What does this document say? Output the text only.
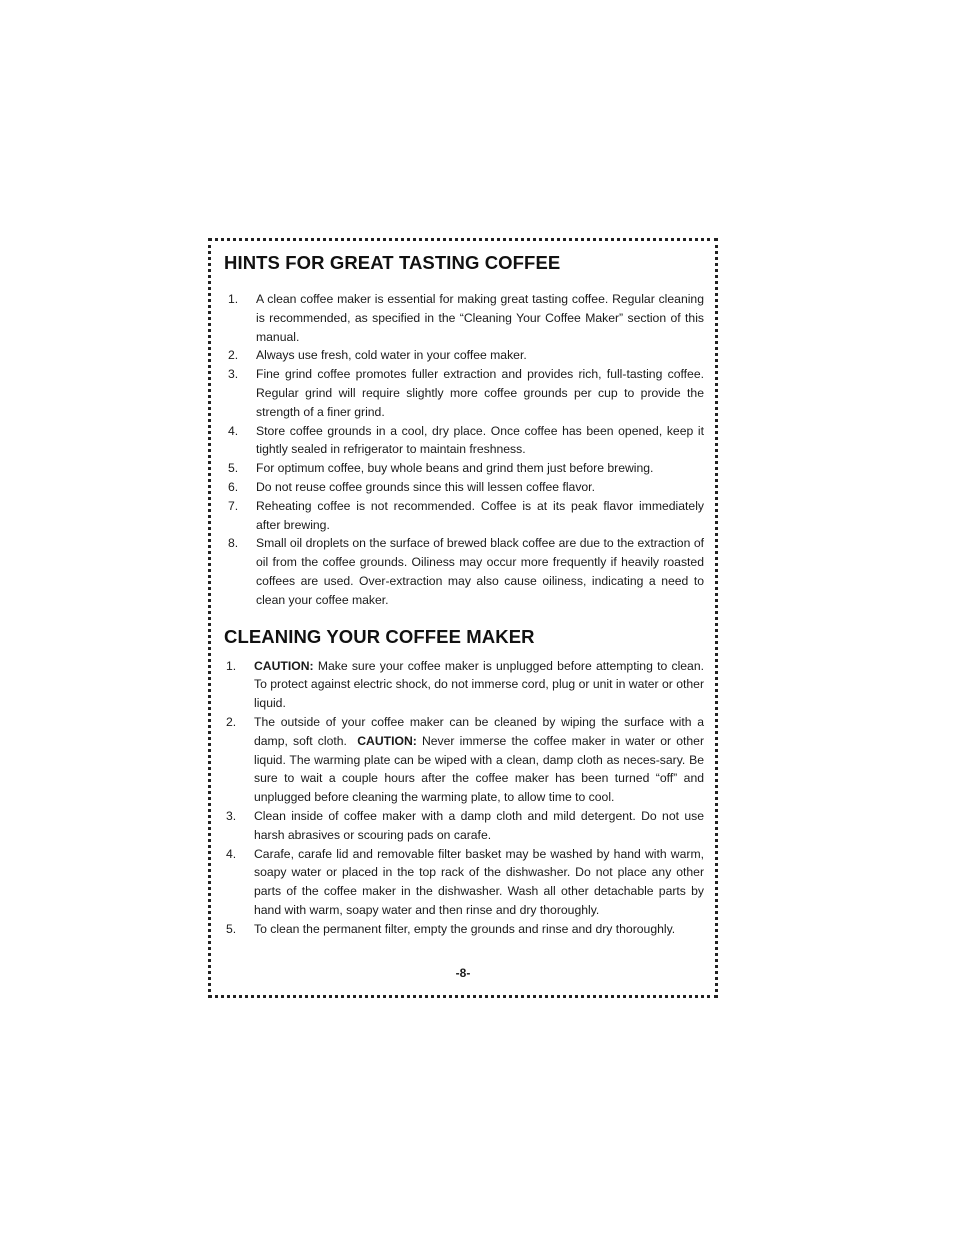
HINTS FOR GREAT TASTING COFFEE
1. A clean coffee maker is essential for making great tasting coffee. Regular cleaning is recommended, as specified in the “Cleaning Your Coffee Maker” section of this manual.
2. Always use fresh, cold water in your coffee maker.
3. Fine grind coffee promotes fuller extraction and provides rich, full-tasting coffee. Regular grind will require slightly more coffee grounds per cup to provide the strength of a finer grind.
4. Store coffee grounds in a cool, dry place. Once coffee has been opened, keep it tightly sealed in refrigerator to maintain freshness.
5. For optimum coffee, buy whole beans and grind them just before brewing.
6. Do not reuse coffee grounds since this will lessen coffee flavor.
7. Reheating coffee is not recommended. Coffee is at its peak flavor immediately after brewing.
8. Small oil droplets on the surface of brewed black coffee are due to the extraction of oil from the coffee grounds. Oiliness may occur more frequently if heavily roasted coffees are used. Over-extraction may also cause oiliness, indicating a need to clean your coffee maker.
CLEANING YOUR COFFEE MAKER
1. CAUTION: Make sure your coffee maker is unplugged before attempting to clean. To protect against electric shock, do not immerse cord, plug or unit in water or other liquid.
2. The outside of your coffee maker can be cleaned by wiping the surface with a damp, soft cloth. CAUTION: Never immerse the coffee maker in water or other liquid. The warming plate can be wiped with a clean, damp cloth as neces-sary. Be sure to wait a couple hours after the coffee maker has been turned “off” and unplugged before cleaning the warming plate, to allow time to cool.
3. Clean inside of coffee maker with a damp cloth and mild detergent. Do not use harsh abrasives or scouring pads on carafe.
4. Carafe, carafe lid and removable filter basket may be washed by hand with warm, soapy water or placed in the top rack of the dishwasher. Do not place any other parts of the coffee maker in the dishwasher. Wash all other detachable parts by hand with warm, soapy water and then rinse and dry thoroughly.
5. To clean the permanent filter, empty the grounds and rinse and dry thoroughly.
-8-
